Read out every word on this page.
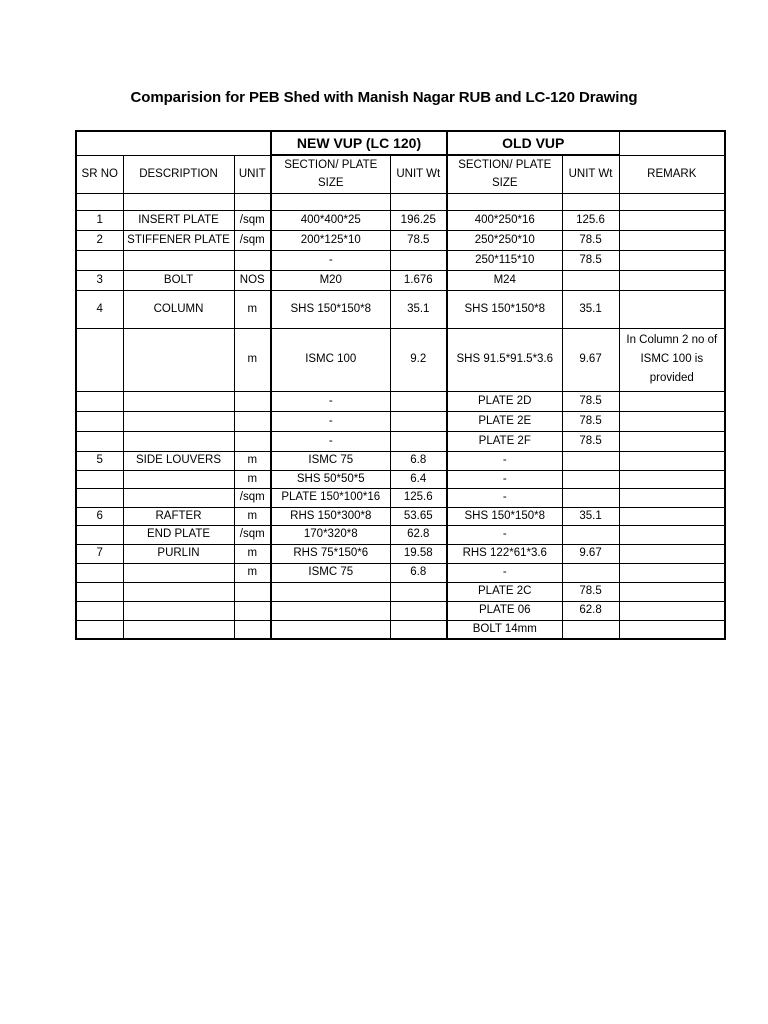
Comparision for PEB Shed with Manish Nagar RUB and LC-120 Drawing
			NEW VUP (LC 120)		OLD VUP		
SR NO	DESCRIPTION	UNIT	SECTION/ PLATE SIZE	UNIT Wt	SECTION/ PLATE SIZE	UNIT Wt	REMARK

1	INSERT PLATE	/sqm	400*400*25	196.25	400*250*16	125.6	
2	STIFFENER PLATE	/sqm	200*125*10	78.5	250*250*10	78.5	
			-		250*115*10	78.5	
3	BOLT	NOS	M20	1.676	M24		
4	COLUMN	m	SHS 150*150*8	35.1	SHS 150*150*8	35.1	
		m	ISMC 100	9.2	SHS 91.5*91.5*3.6	9.67	In Column 2 no of ISMC 100 is provided
			-		PLATE 2D	78.5	
			-		PLATE 2E	78.5	
			-		PLATE 2F	78.5	
5	SIDE LOUVERS	m	ISMC 75	6.8	-		
		m	SHS 50*50*5	6.4	-		
		/sqm	PLATE 150*100*16	125.6	-		
6	RAFTER	m	RHS 150*300*8	53.65	SHS 150*150*8	35.1	
	END PLATE	/sqm	170*320*8	62.8	-		
7	PURLIN	m	RHS 75*150*6	19.58	RHS 122*61*3.6	9.67	
		m	ISMC 75	6.8	-		
					PLATE 2C	78.5	
					PLATE 06	62.8	
					BOLT 14mm		
